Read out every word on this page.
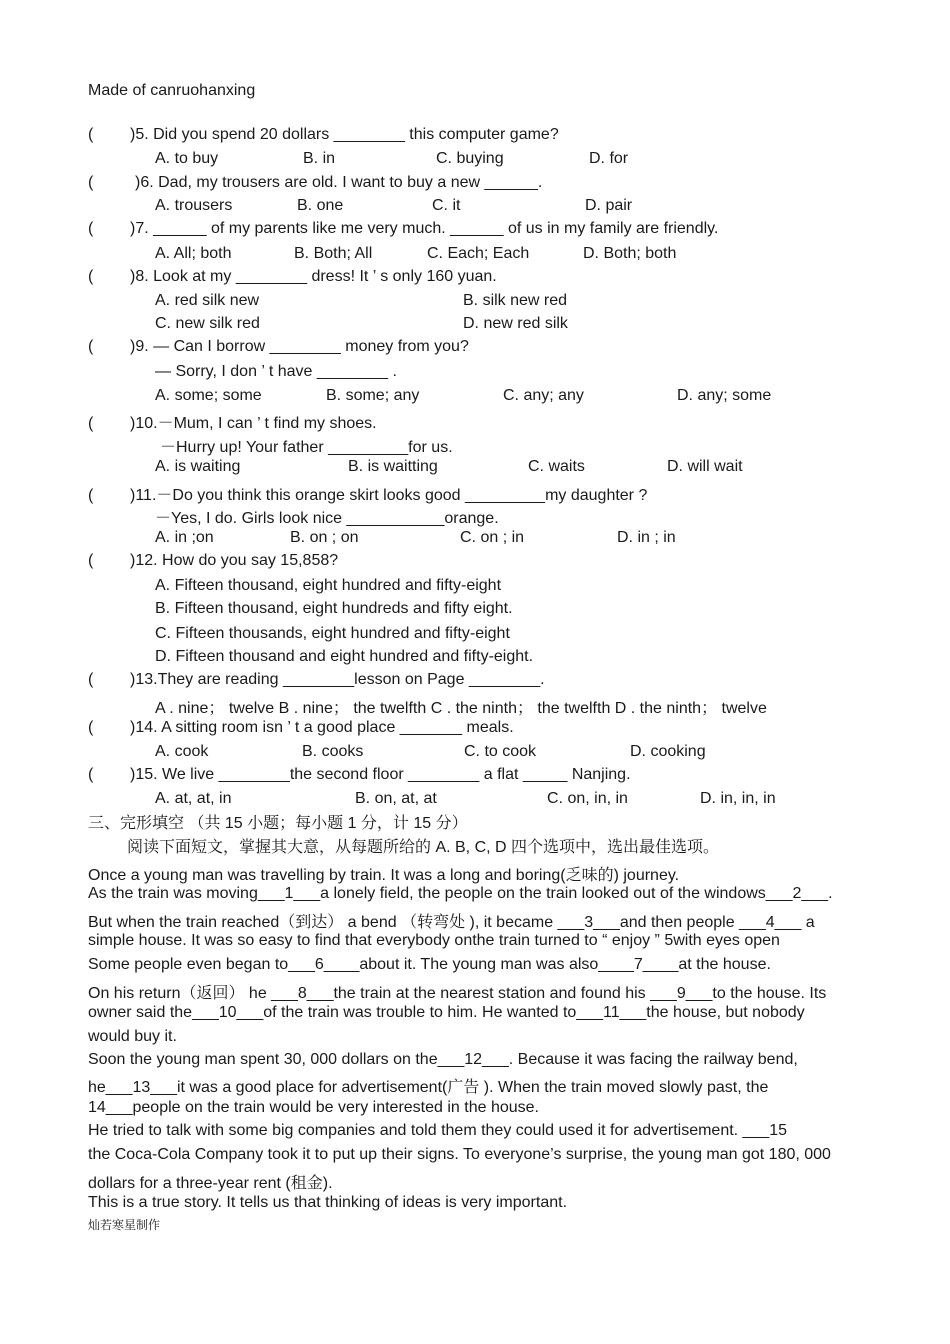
Made of canruohanxing
( )5. Did you spend 20 dollars ________ this computer game?
A. to buy	B. in	C. buying	D. for
(	)6. Dad, my trousers are old. I want to buy a new ______.
A. trousers	B. one	C. it	D. pair
( )7. ______ of my parents like me very much. ______ of us in my family are friendly.
A. All; both	B. Both; All	C. Each; Each	D. Both; both
( )8. Look at my ________ dress! It ’ s only 160 yuan.
A. red silk new	B. silk new red
C. new silk red	D. new red silk
( )9. — Can I borrow ________ money from you?
— Sorry, I don ’ t have ________ .
A. some; some	B. some; any	C. any; any	D. any; some
( )10.－Mum, I can ’ t find my shoes.
－Hurry up! Your father _________for us.
A. is waiting	B. is waitting	C. waits	D. will wait
( )11.－Do you think this orange skirt looks good _________my daughter ?
－Yes, I do. Girls look nice ___________orange.
A. in ;on	B. on ; on	C. on ; in	D. in ; in
( )12. How do you say 15,858?
A. Fifteen thousand, eight hundred and fifty-eight
B. Fifteen thousand, eight hundreds and fifty eight.
C. Fifteen thousands, eight hundred and fifty-eight
D. Fifteen thousand and eight hundred and fifty-eight.
( )13.They are reading ________lesson on Page ________.
A . nine； twelve B . nine； the twelfth C . the ninth； the twelfth D . the ninth； twelve
( )14. A sitting room isn ’ t a good place _______ meals.
A. cook	B. cooks	C. to cook	D. cooking
( )15. We live ________the second floor ________ a flat _____ Nanjing.
A. at, at, in	B. on, at, at	C. on, in, in	D. in, in, in
三、完形填空 （共 15 小题；每小题 1 分，计 15 分）
阅读下面短文，掌握其大意，从每题所给的 A. B, C, D 四个选项中，选出最佳选项。
Once a young man was travelling by train. It was a long and boring(乏味的) journey.
As the train was moving___1___a lonely field, the people on the train looked out of the windows___2___.
But when the train reached（到达） a bend （转弯处 ), it became ___3___and then people ___4___ a
simple house. It was so easy to find that everybody onthe train turned to “ enjoy ” 5with eyes open
Some people even began to___6____about it. The young man was also____7____at the house.
On his return（返回） he ___8___the train at the nearest station and found his ___9___to the house. Its
owner said the___10___of the train was trouble to him. He wanted to___11___the house, but nobody
would buy it.
Soon the young man spent 30, 000 dollars on the___12___. Because it was facing the railway bend,
he___13___it was a good place for advertisement(广告 ). When the train moved slowly past, the
14___people on the train would be very interested in the house.
He tried to talk with some big companies and told them they could used it for advertisement. ___15
the Coca-Cola Company took it to put up their signs. To everyone’s surprise, the young man got 180, 000
dollars for a three-year rent (租金).
This is a true story. It tells us that thinking of ideas is very important.
灿若寒星制作
